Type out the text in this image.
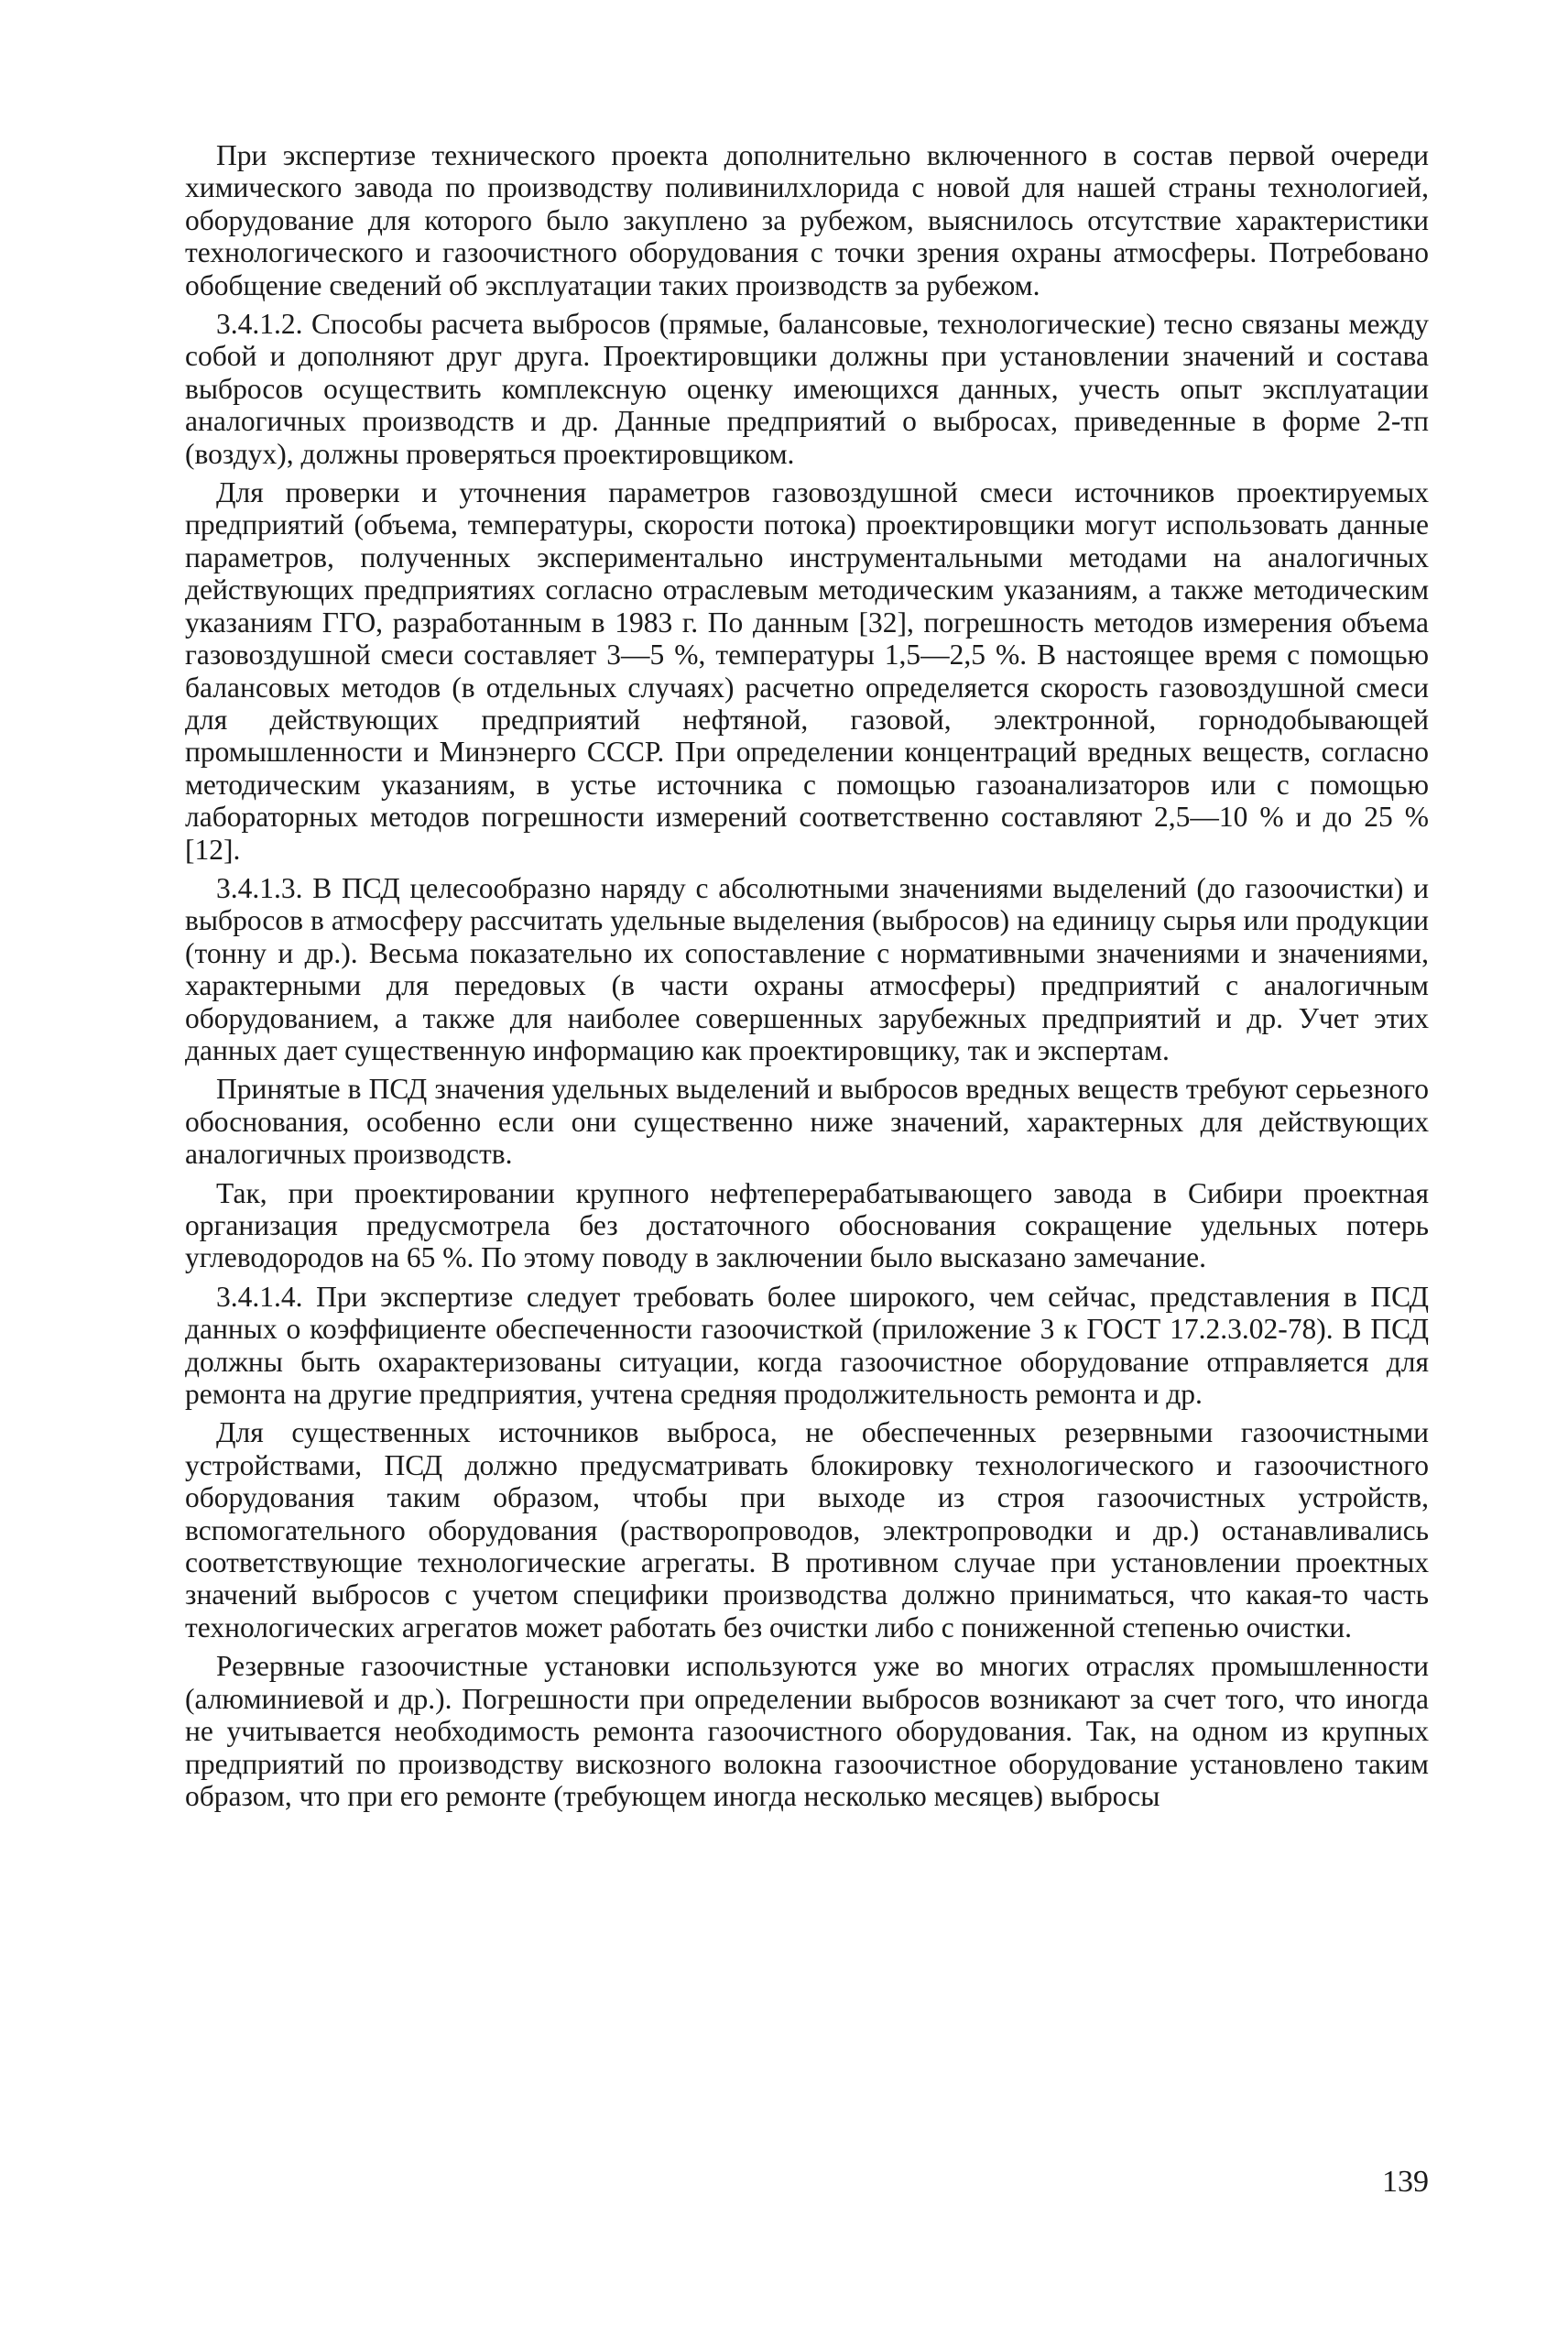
При экспертизе технического проекта дополнительно включенного в состав первой очереди химического завода по производству поливинилхлорида с новой для нашей страны технологией, оборудование для которого было закуплено за рубежом, выяснилось отсутствие характеристики технологического и газоочистного оборудования с точки зрения охраны атмосферы. Потребовано обобщение сведений об эксплуатации таких производств за рубежом.

3.4.1.2. Способы расчета выбросов (прямые, балансовые, технологические) тесно связаны между собой и дополняют друг друга. Проектировщики должны при установлении значений и состава выбросов осуществить комплексную оценку имеющихся данных, учесть опыт эксплуатации аналогичных производств и др. Данные предприятий о выбросах, приведенные в форме 2-тп (воздух), должны проверяться проектировщиком.

Для проверки и уточнения параметров газовоздушной смеси источников проектируемых предприятий (объема, температуры, скорости потока) проектировщики могут использовать данные параметров, полученных экспериментально инструментальными методами на аналогичных действующих предприятиях согласно отраслевым методическим указаниям, а также методическим указаниям ГГО, разработанным в 1983 г. По данным [32], погрешность методов измерения объема газовоздушной смеси составляет 3—5 %, температуры 1,5—2,5 %. В настоящее время с помощью балансовых методов (в отдельных случаях) расчетно определяется скорость газовоздушной смеси для действующих предприятий нефтяной, газовой, электронной, горнодобывающей промышленности и Минэнерго СССР. При определении концентраций вредных веществ, согласно методическим указаниям, в устье источника с помощью газоанализаторов или с помощью лабораторных методов погрешности измерений соответственно составляют 2,5—10 % и до 25 % [12].

3.4.1.3. В ПСД целесообразно наряду с абсолютными значениями выделений (до газоочистки) и выбросов в атмосферу рассчитать удельные выделения (выбросов) на единицу сырья или продукции (тонну и др.). Весьма показательно их сопоставление с нормативными значениями и значениями, характерными для передовых (в части охраны атмосферы) предприятий с аналогичным оборудованием, а также для наиболее совершенных зарубежных предприятий и др. Учет этих данных дает существенную информацию как проектировщику, так и экспертам.

Принятые в ПСД значения удельных выделений и выбросов вредных веществ требуют серьезного обоснования, особенно если они существенно ниже значений, характерных для действующих аналогичных производств.

Так, при проектировании крупного нефтеперерабатывающего завода в Сибири проектная организация предусмотрела без достаточного обоснования сокращение удельных потерь углеводородов на 65 %. По этому поводу в заключении было высказано замечание.

3.4.1.4. При экспертизе следует требовать более широкого, чем сейчас, представления в ПСД данных о коэффициенте обеспеченности газоочисткой (приложение 3 к ГОСТ 17.2.3.02-78). В ПСД должны быть охарактеризованы ситуации, когда газоочистное оборудование отправляется для ремонта на другие предприятия, учтена средняя продолжительность ремонта и др.

Для существенных источников выброса, не обеспеченных резервными газоочистными устройствами, ПСД должно предусматривать блокировку технологического и газоочистного оборудования таким образом, чтобы при выходе из строя газоочистных устройств, вспомогательного оборудования (растворопроводов, электропроводки и др.) останавливались соответствующие технологические агрегаты. В противном случае при установлении проектных значений выбросов с учетом специфики производства должно приниматься, что какая-то часть технологических агрегатов может работать без очистки либо с пониженной степенью очистки.

Резервные газоочистные установки используются уже во многих отраслях промышленности (алюминиевой и др.). Погрешности при определении выбросов возникают за счет того, что иногда не учитывается необходимость ремонта газоочистного оборудования. Так, на одном из крупных предприятий по производству вискозного волокна газоочистное оборудование установлено таким образом, что при его ремонте (требующем иногда несколько месяцев) выбросы

139
